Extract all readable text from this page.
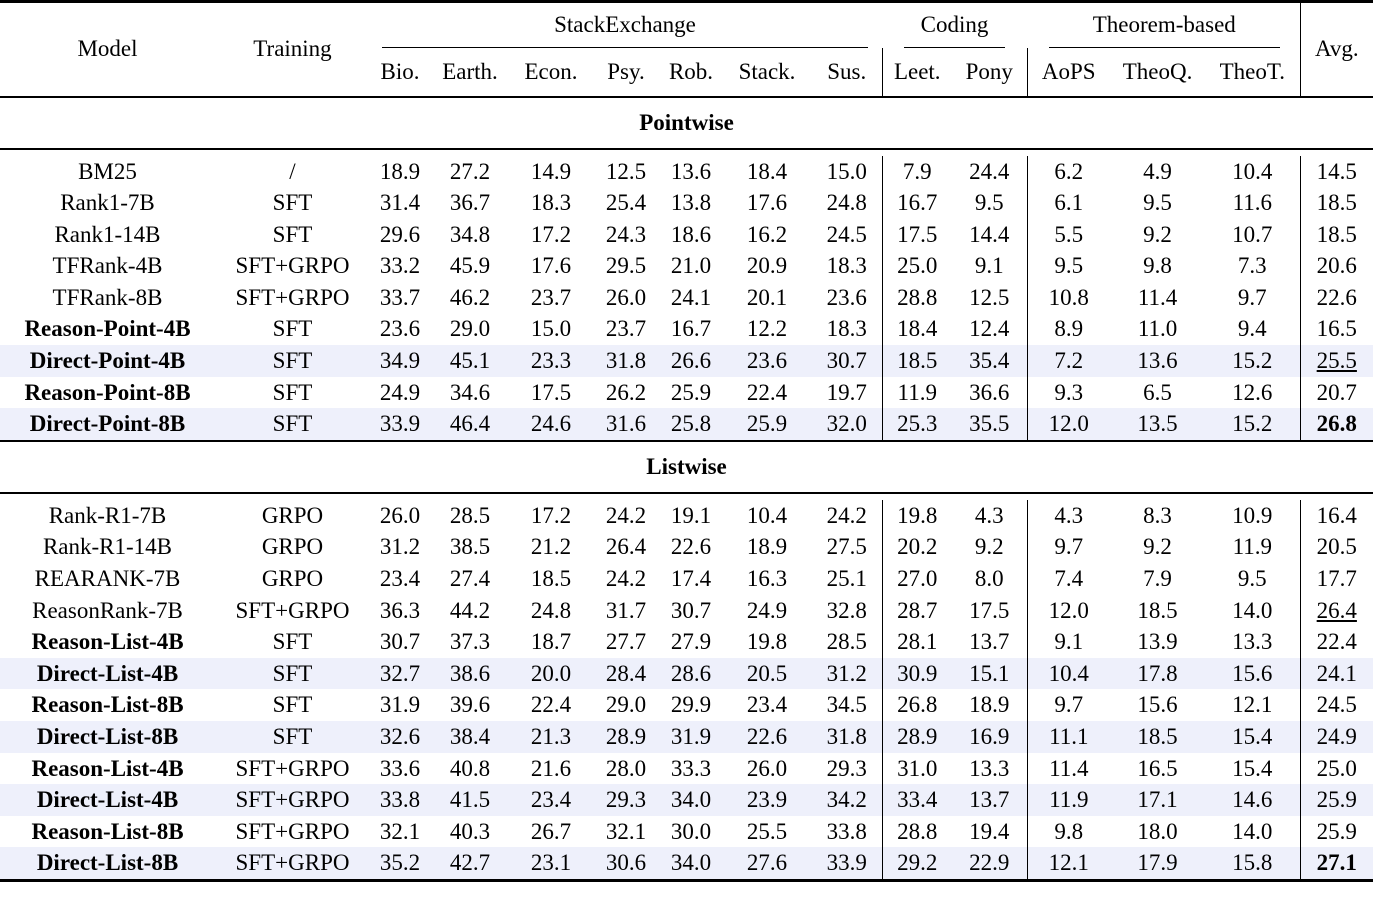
Model	Training	StackExchange							Coding		Theorem-based			Avg.
		Bio.	Earth.	Econ.	Psy.	Rob.	Stack.	Sus.	Leet.	Pony	AoPS	TheoQ.	TheoT.	
Pointwise														

BM25	/	18.9	27.2	14.9	12.5	13.6	18.4	15.0	7.9	24.4	6.2	4.9	10.4	14.5
Rank1-7B	SFT	31.4	36.7	18.3	25.4	13.8	17.6	24.8	16.7	9.5	6.1	9.5	11.6	18.5
Rank1-14B	SFT	29.6	34.8	17.2	24.3	18.6	16.2	24.5	17.5	14.4	5.5	9.2	10.7	18.5
TFRank-4B	SFT+GRPO	33.2	45.9	17.6	29.5	21.0	20.9	18.3	25.0	9.1	9.5	9.8	7.3	20.6
TFRank-8B	SFT+GRPO	33.7	46.2	23.7	26.0	24.1	20.1	23.6	28.8	12.5	10.8	11.4	9.7	22.6
Reason-Point-4B	SFT	23.6	29.0	15.0	23.7	16.7	12.2	18.3	18.4	12.4	8.9	11.0	9.4	16.5
Direct-Point-4B	SFT	34.9	45.1	23.3	31.8	26.6	23.6	30.7	18.5	35.4	7.2	13.6	15.2	25.5
Reason-Point-8B	SFT	24.9	34.6	17.5	26.2	25.9	22.4	19.7	11.9	36.6	9.3	6.5	12.6	20.7
Direct-Point-8B	SFT	33.9	46.4	24.6	31.6	25.8	25.9	32.0	25.3	35.5	12.0	13.5	15.2	26.8
Listwise														

Rank-R1-7B	GRPO	26.0	28.5	17.2	24.2	19.1	10.4	24.2	19.8	4.3	4.3	8.3	10.9	16.4
Rank-R1-14B	GRPO	31.2	38.5	21.2	26.4	22.6	18.9	27.5	20.2	9.2	9.7	9.2	11.9	20.5
REARANK-7B	GRPO	23.4	27.4	18.5	24.2	17.4	16.3	25.1	27.0	8.0	7.4	7.9	9.5	17.7
ReasonRank-7B	SFT+GRPO	36.3	44.2	24.8	31.7	30.7	24.9	32.8	28.7	17.5	12.0	18.5	14.0	26.4
Reason-List-4B	SFT	30.7	37.3	18.7	27.7	27.9	19.8	28.5	28.1	13.7	9.1	13.9	13.3	22.4
Direct-List-4B	SFT	32.7	38.6	20.0	28.4	28.6	20.5	31.2	30.9	15.1	10.4	17.8	15.6	24.1
Reason-List-8B	SFT	31.9	39.6	22.4	29.0	29.9	23.4	34.5	26.8	18.9	9.7	15.6	12.1	24.5
Direct-List-8B	SFT	32.6	38.4	21.3	28.9	31.9	22.6	31.8	28.9	16.9	11.1	18.5	15.4	24.9
Reason-List-4B	SFT+GRPO	33.6	40.8	21.6	28.0	33.3	26.0	29.3	31.0	13.3	11.4	16.5	15.4	25.0
Direct-List-4B	SFT+GRPO	33.8	41.5	23.4	29.3	34.0	23.9	34.2	33.4	13.7	11.9	17.1	14.6	25.9
Reason-List-8B	SFT+GRPO	32.1	40.3	26.7	32.1	30.0	25.5	33.8	28.8	19.4	9.8	18.0	14.0	25.9
Direct-List-8B	SFT+GRPO	35.2	42.7	23.1	30.6	34.0	27.6	33.9	29.2	22.9	12.1	17.9	15.8	27.1
